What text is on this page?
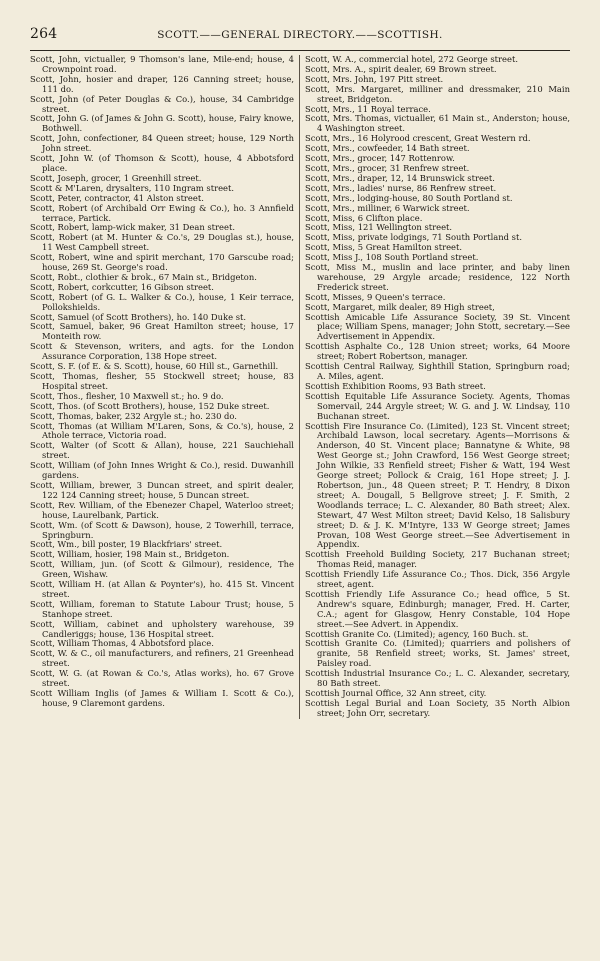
264	SCOTT.——GENERAL DIRECTORY.——SCOTTISH.

Scott, John, victualler, 9 Thomson's lane, Mile-end; house, 4 Crownpoint road.

Scott, John, hosier and draper, 126 Canning street; house, 111 do.

Scott, John (of Peter Douglas & Co.), house, 34 Cambridge street.

Scott, John G. (of James & John G. Scott), house, Fairy knowe, Bothwell.

Scott, John, confectioner, 84 Queen street; house, 129 North John street.

Scott, John W. (of Thomson & Scott), house, 4 Abbotsford place.

Scott, Joseph, grocer, 1 Greenhill street.

Scott & M'Laren, drysalters, 110 Ingram street.

Scott, Peter, contractor, 41 Alston street.

Scott, Robert (of Archibald Orr Ewing & Co.), ho. 3 Annfield terrace, Partick.

Scott, Robert, lamp-wick maker, 31 Dean street.

Scott, Robert (at M. Hunter & Co.'s, 29 Douglas st.), house, 11 West Campbell street.

Scott, Robert, wine and spirit merchant, 170 Garscube road; house, 269 St. George's road.

Scott, Robt., clothier & brok., 67 Main st., Bridgeton.

Scott, Robert, corkcutter, 16 Gibson street.

Scott, Robert (of G. L. Walker & Co.), house, 1 Keir terrace, Pollokshields.

Scott, Samuel (of Scott Brothers), ho. 140 Duke st.

Scott, Samuel, baker, 96 Great Hamilton street; house, 17 Monteith row.

Scott & Stevenson, writers, and agts. for the London Assurance Corporation, 138 Hope street.

Scott, S. F. (of E. & S. Scott), house, 60 Hill st., Garnethill.

Scott, Thomas, flesher, 55 Stockwell street; house, 83 Hospital street.

Scott, Thos., flesher, 10 Maxwell st.; ho. 9 do.

Scott, Thos. (of Scott Brothers), house, 152 Duke street.

Scott, Thomas, baker, 232 Argyle st.; ho. 230 do.

Scott, Thomas (at William M'Laren, Sons, & Co.'s), house, 2 Athole terrace, Victoria road.

Scott, Walter (of Scott & Allan), house, 221 Sauchiehall street.

Scott, William (of John Innes Wright & Co.), resid. Duwanhill gardens.

Scott, William, brewer, 3 Duncan street, and spirit dealer, 122 124 Canning street; house, 5 Duncan street.

Scott, Rev. William, of the Ebenezer Chapel, Waterloo street; house, Laurelbank, Partick.

Scott, Wm. (of Scott & Dawson), house, 2 Towerhill, terrace, Springburn.

Scott, Wm., bill poster, 19 Blackfriars' street.

Scott, William, hosier, 198 Main st., Bridgeton.

Scott, William, jun. (of Scott & Gilmour), residence, The Green, Wishaw.

Scott, William H. (at Allan & Poynter's), ho. 415 St. Vincent street.

Scott, William, foreman to Statute Labour Trust; house, 5 Stanhope street.

Scott, William, cabinet and upholstery warehouse, 39 Candleriggs; house, 136 Hospital street.

Scott, William Thomas, 4 Abbotsford place.

Scott, W. & C., oil manufacturers, and refiners, 21 Greenhead street.

Scott, W. G. (at Rowan & Co.'s, Atlas works), ho. 67 Grove street.

Scott William Inglis (of James & William I. Scott & Co.), house, 9 Claremont gardens.

Scott, W. A., commercial hotel, 272 George street.

Scott, Mrs. A., spirit dealer, 69 Brown street.

Scott, Mrs. John, 197 Pitt street.

Scott, Mrs. Margaret, milliner and dressmaker, 210 Main street, Bridgeton.

Scott, Mrs., 11 Royal terrace.

Scott, Mrs. Thomas, victualler, 61 Main st., Anderston; house, 4 Washington street.

Scott, Mrs., 16 Holyrood crescent, Great Western rd.

Scott, Mrs., cowfeeder, 14 Bath street.

Scott, Mrs., grocer, 147 Rottenrow.

Scott, Mrs., grocer, 31 Renfrew street.

Scott, Mrs., draper, 12, 14 Brunswick street.

Scott, Mrs., ladies' nurse, 86 Renfrew street.

Scott, Mrs., lodging-house, 80 South Portland st.

Scott, Mrs., milliner, 6 Warwick street.

Scott, Miss, 6 Clifton place.

Scott, Miss, 121 Wellington street.

Scott, Miss, private lodgings, 71 South Portland st.

Scott, Miss, 5 Great Hamilton street.

Scott, Miss J., 108 South Portland street.

Scott, Miss M., muslin and lace printer, and baby linen warehouse, 29 Argyle arcade; residence, 122 North Frederick street.

Scott, Misses, 9 Queen's terrace.

Scott, Margaret, milk dealer, 89 High street,

Scottish Amicable Life Assurance Society, 39 St. Vincent place; William Spens, manager; John Stott, secretary.—See Advertisement in Appendix.

Scottish Asphalte Co., 128 Union street; works, 64 Moore street; Robert Robertson, manager.

Scottish Central Railway, Sighthill Station, Springburn road; A. Miles, agent.

Scottish Exhibition Rooms, 93 Bath street.

Scottish Equitable Life Assurance Society. Agents, Thomas Somervail, 244 Argyle street; W. G. and J. W. Lindsay, 110 Buchanan street.

Scottish Fire Insurance Co. (Limited), 123 St. Vincent street; Archibald Lawson, local secretary. Agents—Morrisons & Anderson, 40 St. Vincent place; Bannatyne & White, 98 West George st.; John Crawford, 156 West George street; John Wilkie, 33 Renfield street; Fisher & Watt, 194 West George street; Pollock & Craig, 161 Hope street; J. J. Robertson, jun., 48 Queen street; P. T. Hendry, 8 Dixon street; A. Dougall, 5 Bellgrove street; J. F. Smith, 2 Woodlands terrace; L. C. Alexander, 80 Bath street; Alex. Stewart, 47 West Milton street; David Kelso, 18 Salisbury street; D. & J. K. M'Intyre, 133 W George street; James Provan, 108 West George street.—See Advertisement in Appendix.

Scottish Freehold Building Society, 217 Buchanan street; Thomas Reid, manager.

Scottish Friendly Life Assurance Co.; Thos. Dick, 356 Argyle street, agent.

Scottish Friendly Life Assurance Co.; head office, 5 St. Andrew's square, Edinburgh; manager, Fred. H. Carter, C.A.; agent for Glasgow, Henry Constable, 104 Hope street.—See Advert. in Appendix.

Scottish Granite Co. (Limited); agency, 160 Buch. st.

Scottish Granite Co. (Limited); quarriers and polishers of granite, 58 Renfield street; works, St. James' street, Paisley road.

Scottish Industrial Insurance Co.; L. C. Alexander, secretary, 80 Bath street.

Scottish Journal Office, 32 Ann street, city.

Scottish Legal Burial and Loan Society, 35 North Albion street; John Orr, secretary.
